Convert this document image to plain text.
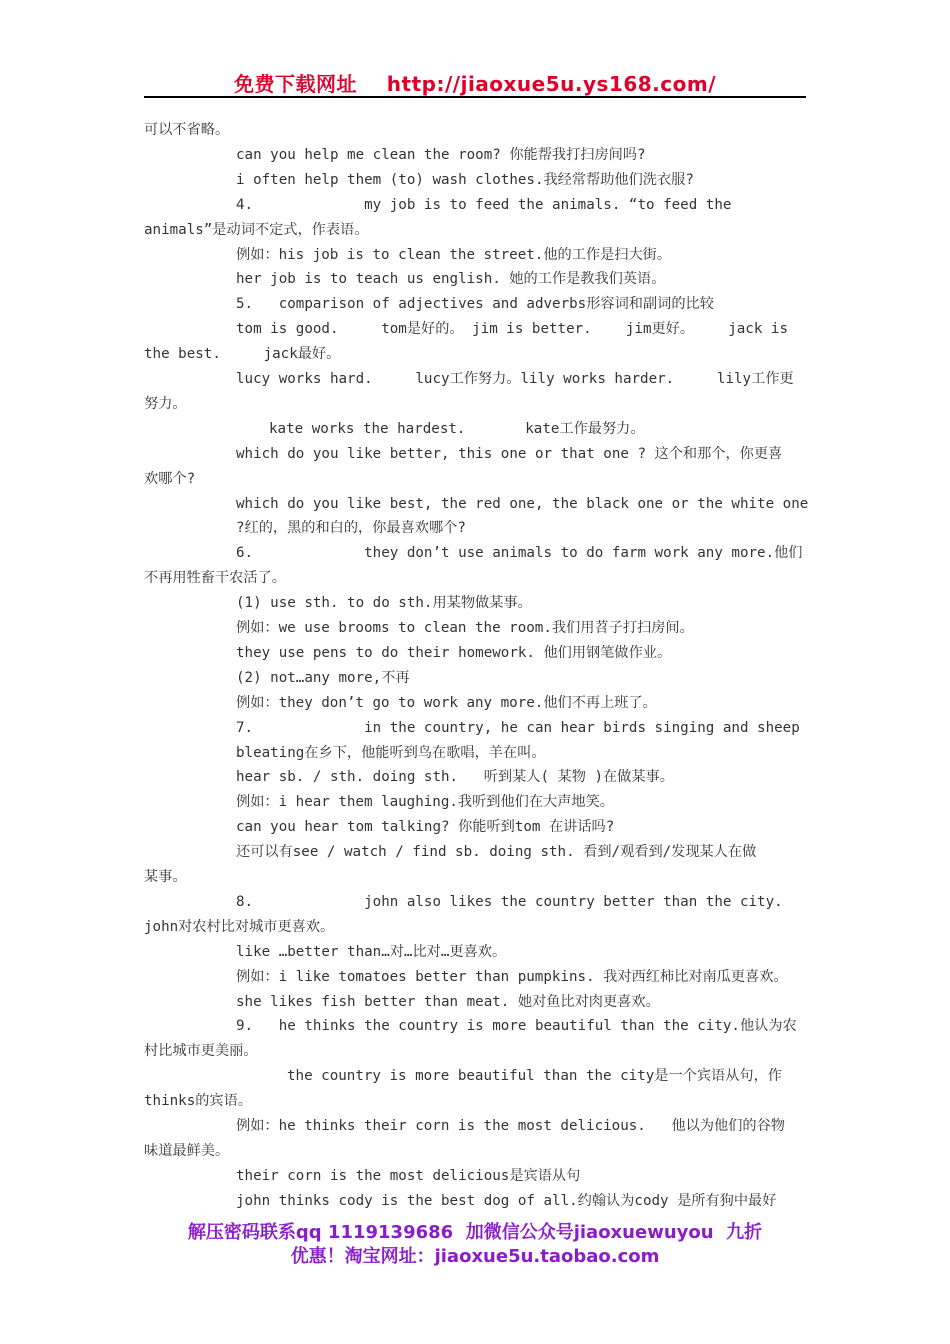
免费下载网址    http://jiaoxue5u.ys168.com/
可以不省略。
can you help me clean the room? 你能帮我打扫房间吗?
i often help them (to) wash clothes.我经常帮助他们洗衣服?
4.             my job is to feed the animals. “to feed the
animals”是动词不定式，作表语。
例如：his job is to clean the street.他的工作是扫大街。
her job is to teach us english. 她的工作是教我们英语。
5.   comparison of adjectives and adverbs形容词和副词的比较
tom is good.     tom是好的。 jim is better.    jim更好。    jack is
the best.     jack最好。
lucy works hard.     lucy工作努力。lily works harder.     lily工作更
努力。
kate works the hardest.       kate工作最努力。
which do you like better, this one or that one ? 这个和那个，你更喜
欢哪个?
which do you like best, the red one, the black one or the white one
?红的，黑的和白的，你最喜欢哪个?
6.             they don’t use animals to do farm work any more.他们
不再用牲畜干农活了。
(1) use sth. to do sth.用某物做某事。
例如：we use brooms to clean the room.我们用苕子打扫房间。
they use pens to do their homework. 他们用钢笔做作业。
(2) not…any more,不再
例如：they don’t go to work any more.他们不再上班了。
7.             in the country, he can hear birds singing and sheep
bleating在乡下，他能听到鸟在歌唱，羊在叫。
hear sb. / sth. doing sth.   听到某人( 某物 )在做某事。
例如：i hear them laughing.我听到他们在大声地笑。
can you hear tom talking? 你能听到tom 在讲话吗?
还可以有see / watch / find sb. doing sth. 看到/观看到/发现某人在做
某事。
8.             john also likes the country better than the city.
john对农村比对城市更喜欢。
like …better than…对…比对…更喜欢。
例如：i like tomatoes better than pumpkins. 我对西红柿比对南瓜更喜欢。
she likes fish better than meat. 她对鱼比对肉更喜欢。
9.   he thinks the country is more beautiful than the city.他认为农
村比城市更美丽。
the country is more beautiful than the city是一个宾语从句，作
thinks的宾语。
例如：he thinks their corn is the most delicious.   他以为他们的谷物
味道最鲜美。
their corn is the most delicious是宾语从句
john thinks cody is the best dog of all.约翰认为cody 是所有狗中最好
解压密码联系qq 1119139686  加微信公众号jiaoxuewuyou  九折
优惠！淘宝网址：jiaoxue5u.taobao.com
